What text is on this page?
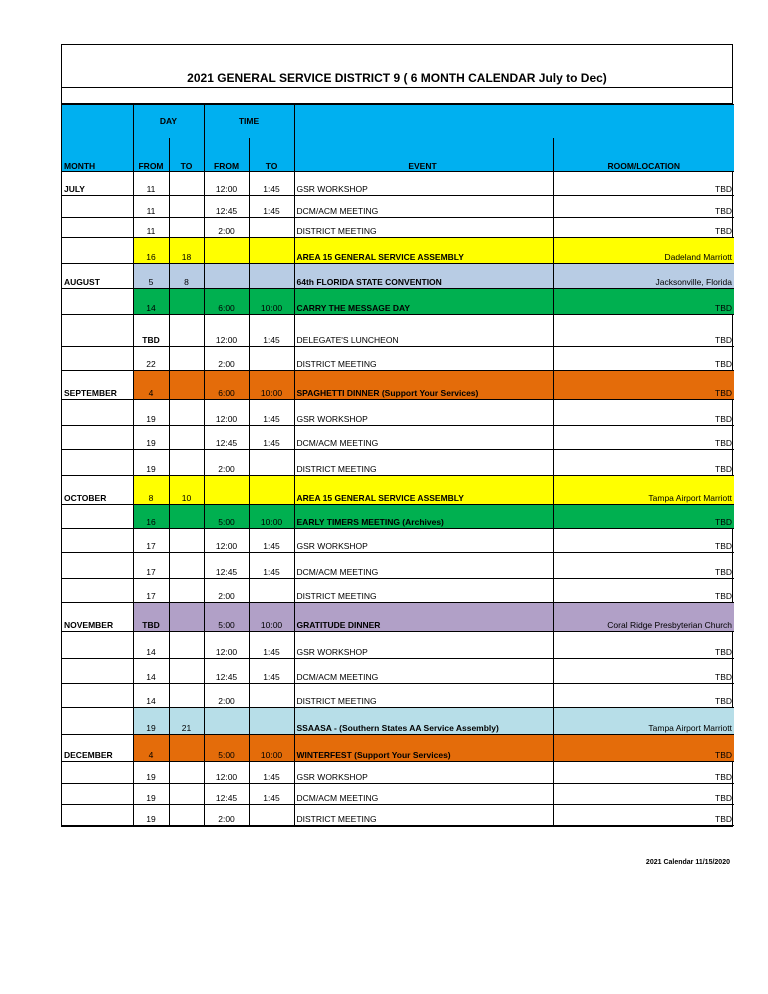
2021 GENERAL SERVICE DISTRICT 9 ( 6 MONTH CALENDAR July to Dec)
	DAY		TIME			
MONTH	FROM	TO	FROM	TO	EVENT	ROOM/LOCATION
JULY	11		12:00	1:45	GSR WORKSHOP	TBD
	11		12:45	1:45	DCM/ACM MEETING	TBD
	11		2:00		DISTRICT MEETING	TBD
	16	18			AREA 15 GENERAL SERVICE ASSEMBLY	Dadeland Marriott
AUGUST	5	8			64th FLORIDA STATE CONVENTION	Jacksonville, Florida
	14		6:00	10:00	CARRY THE MESSAGE DAY	TBD
	TBD		12:00	1:45	DELEGATE'S LUNCHEON	TBD
	22		2:00		DISTRICT MEETING	TBD
SEPTEMBER	4		6:00	10:00	SPAGHETTI DINNER (Support Your Services)	TBD
	19		12:00	1:45	GSR WORKSHOP	TBD
	19		12:45	1:45	DCM/ACM MEETING	TBD
	19		2:00		DISTRICT MEETING	TBD
OCTOBER	8	10			AREA 15 GENERAL SERVICE ASSEMBLY	Tampa Airport Marriott
	16		5:00	10:00	EARLY TIMERS MEETING (Archives)	TBD
	17		12:00	1:45	GSR WORKSHOP	TBD
	17		12:45	1:45	DCM/ACM MEETING	TBD
	17		2:00		DISTRICT MEETING	TBD
NOVEMBER	TBD		5:00	10:00	GRATITUDE DINNER	Coral Ridge Presbyterian Church
	14		12:00	1:45	GSR WORKSHOP	TBD
	14		12:45	1:45	DCM/ACM MEETING	TBD
	14		2:00		DISTRICT MEETING	TBD
	19	21			SSAASA - (Southern States AA Service Assembly)	Tampa Airport Marriott
DECEMBER	4		5:00	10:00	WINTERFEST (Support Your Services)	TBD
	19		12:00	1:45	GSR WORKSHOP	TBD
	19		12:45	1:45	DCM/ACM MEETING	TBD
	19		2:00		DISTRICT MEETING	TBD
2021 Calendar 11/15/2020
